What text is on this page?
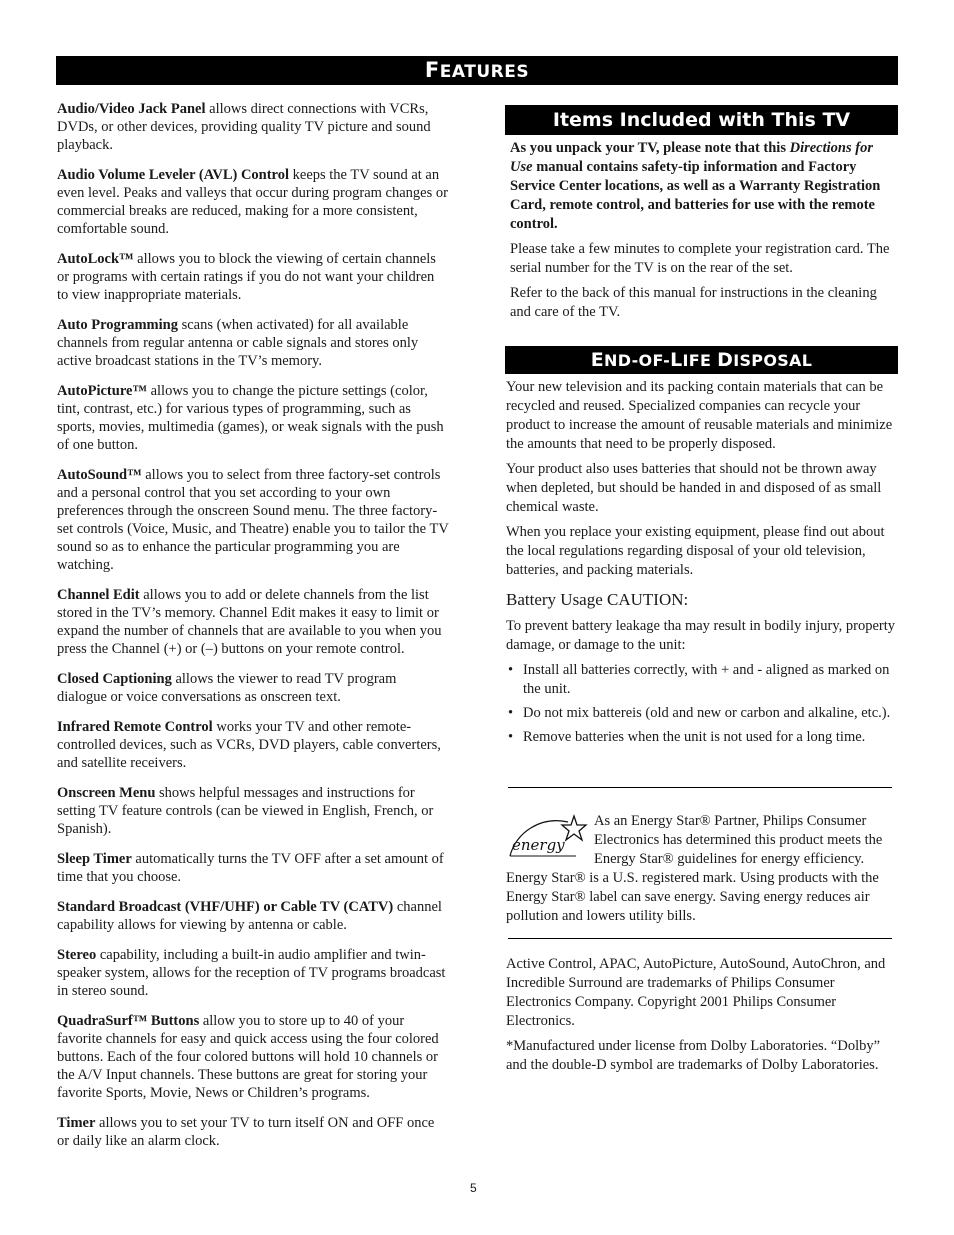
FEATURES

Audio/Video Jack Panel allows direct connections with VCRs, DVDs, or other devices, providing quality TV picture and sound playback.

Audio Volume Leveler (AVL) Control keeps the TV sound at an even level. Peaks and valleys that occur during program changes or commercial breaks are reduced, making for a more consistent, comfortable sound.

AutoLock™ allows you to block the viewing of certain channels or programs with certain ratings if you do not want your children to view inappropriate materials.

Auto Programming scans (when activated) for all available channels from regular antenna or cable signals and stores only active broadcast stations in the TV’s memory.

AutoPicture™ allows you to change the picture settings (color, tint, contrast, etc.) for various types of programming, such as sports, movies, multimedia (games), or weak signals with the push of one button.

AutoSound™ allows you to select from three factory-set controls and a personal control that you set according to your own preferences through the onscreen Sound menu. The three factory-set controls (Voice, Music, and Theatre) enable you to tailor the TV sound so as to enhance the particular programming you are watching.

Channel Edit allows you to add or delete channels from the list stored in the TV’s memory. Channel Edit makes it easy to limit or expand the number of channels that are available to you when you press the Channel (+) or (–) buttons on your remote control.

Closed Captioning allows the viewer to read TV program dialogue or voice conversations as onscreen text.

Infrared Remote Control works your TV and other remote-controlled devices, such as VCRs, DVD players, cable converters, and satellite receivers.

Onscreen Menu shows helpful messages and instructions for setting TV feature controls (can be viewed in English, French, or Spanish).

Sleep Timer automatically turns the TV OFF after a set amount of time that you choose.

Standard Broadcast (VHF/UHF) or Cable TV (CATV) channel capability allows for viewing by antenna or cable.

Stereo capability, including a built-in audio amplifier and twin-speaker system, allows for the reception of TV programs broadcast in stereo sound.

QuadraSurf™ Buttons allow you to store up to 40 of your favorite channels for easy and quick access using the four colored buttons. Each of the four colored buttons will hold 10 channels or the A/V Input channels. These buttons are great for storing your favorite Sports, Movie, News or Children’s programs.

Timer allows you to set your TV to turn itself ON and OFF once or daily like an alarm clock.

Items Included with This TV

As you unpack your TV, please note that this Directions for Use manual contains safety-tip information and Factory Service Center locations, as well as a Warranty Registration Card, remote control, and batteries for use with the remote control.

Please take a few minutes to complete your registration card. The serial number for the TV is on the rear of the set.

Refer to the back of this manual for instructions in the cleaning and care of the TV.

END-OF-LIFE DISPOSAL

Your new television and its packing contain materials that can be recycled and reused. Specialized companies can recycle your product to increase the amount of reusable materials and minimize the amounts that need to be properly disposed.

Your product also uses batteries that should not be thrown away when depleted, but should be handed in and disposed of as small chemical waste.

When you replace your existing equipment, please find out about the local regulations regarding disposal of your old television, batteries, and packing materials.

Battery Usage CAUTION:

To prevent battery leakage tha may result in bodily injury, property damage, or damage to the unit:

• Install all batteries correctly, with + and - aligned as marked on the unit.
• Do not mix battereis (old and new or carbon and alkaline, etc.).
• Remove batteries when the unit is not used for a long time.
energy

As an Energy Star® Partner, Philips Consumer Electronics has determined this product meets the Energy Star® guidelines for energy efficiency. Energy Star® is a U.S. registered mark. Using products with the Energy Star® label can save energy. Saving energy reduces air pollution and lowers utility bills.

Active Control, APAC, AutoPicture, AutoSound, AutoChron, and Incredible Surround are trademarks of Philips Consumer Electronics Company. Copyright 2001 Philips Consumer Electronics.

*Manufactured under license from Dolby Laboratories. “Dolby” and the double-D symbol are trademarks of Dolby Laboratories.

5
